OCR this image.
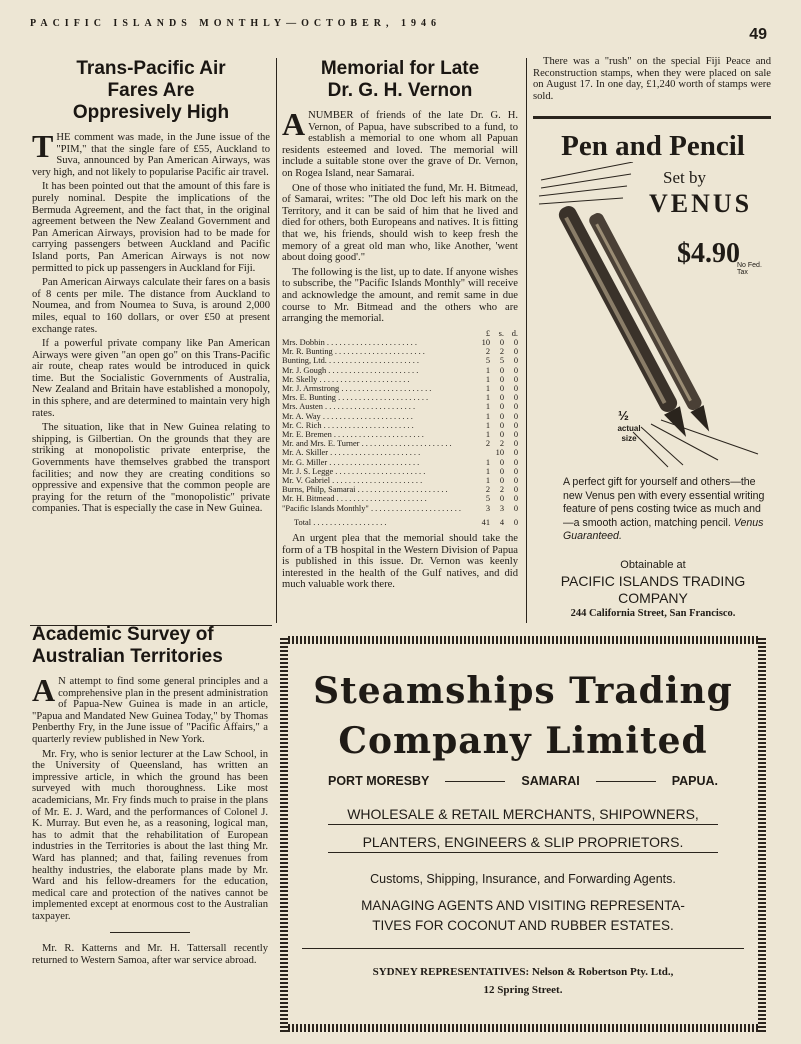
PACIFIC ISLANDS MONTHLY—OCTOBER, 1946
49
Trans-Pacific Air
Fares Are
Oppresively High

THE comment was made, in the June issue of the "PIM," that the single fare of £55, Auckland to Suva, announced by Pan American Airways, was very high, and not likely to popularise Pacific air travel.

It has been pointed out that the amount of this fare is purely nominal. Despite the implications of the Bermuda Agreement, and the fact that, in the original agreement between the New Zealand Government and Pan American Airways, provision had to be made for carrying passengers between Auckland and Pacific Island ports, Pan American Airways is not now permitted to pick up passengers in Auckland for Fiji.

Pan American Airways calculate their fares on a basis of 8 cents per mile. The distance from Auckland to Noumea, and from Noumea to Suva, is around 2,000 miles, equal to 160 dollars, or over £50 at present exchange rates.

If a powerful private company like Pan American Airways were given "an open go" on this Trans-Pacific air route, cheap rates would be introduced in quick time. But the Socialistic Governments of Australia, New Zealand and Britain have established a monopoly, in this sphere, and are determined to maintain very high rates.

The situation, like that in New Guinea relating to shipping, is Gilbertian. On the grounds that they are striking at monopolistic private enterprise, the Governments have themselves grabbed the transport facilities; and now they are creating conditions so oppressive and expensive that the common people are praying for the return of the "monopolistic" private companies. That is especially the case in New Guinea.

Memorial for Late
Dr. G. H. Vernon

ANUMBER of friends of the late Dr. G. H. Vernon, of Papua, have subscribed to a fund, to establish a memorial to one whom all Papuan residents esteemed and loved. The memorial will include a suitable stone over the grave of Dr. Vernon, on Rogea Island, near Samarai.

One of those who initiated the fund, Mr. H. Bitmead, of Samarai, writes: "The old Doc left his mark on the Territory, and it can be said of him that he lived and died for others, both Europeans and natives. It is fitting that we, his friends, should wish to keep fresh the memory of a great old man who, like Another, 'went about doing good'."

The following is the list, up to date. If anyone wishes to subscribe, the "Pacific Islands Monthly" will receive and acknowledge the amount, and remit same in due course to Mr. Bitmead and the others who are arranging the memorial.

	£	s.	d.
Mrs. Dobbin . . . . . . . . . . . . . . . . . . . . . .	10	0	0
Mr. R. Bunting . . . . . . . . . . . . . . . . . . . . . .	2	2	0
Bunting, Ltd. . . . . . . . . . . . . . . . . . . . . . .	5	5	0
Mr. J. Gough . . . . . . . . . . . . . . . . . . . . . .	1	0	0
Mr. Skelly . . . . . . . . . . . . . . . . . . . . . .	1	0	0
Mr. J. Armstrong . . . . . . . . . . . . . . . . . . . . . .	1	0	0
Mrs. E. Bunting . . . . . . . . . . . . . . . . . . . . . .	1	0	0
Mrs. Austen . . . . . . . . . . . . . . . . . . . . . .	1	0	0
Mr. A. Way . . . . . . . . . . . . . . . . . . . . . .	1	0	0
Mr. C. Rich . . . . . . . . . . . . . . . . . . . . . .	1	0	0
Mr. E. Bremen . . . . . . . . . . . . . . . . . . . . . .	1	0	0
Mr. and Mrs. E. Turner . . . . . . . . . . . . . . . . . . . . . .	2	2	0
Mr. A. Skiller . . . . . . . . . . . . . . . . . . . . . .		10	0
Mr. G. Miller . . . . . . . . . . . . . . . . . . . . . .	1	0	0
Mr. J. S. Legge . . . . . . . . . . . . . . . . . . . . . .	1	0	0
Mr. V. Gabriel . . . . . . . . . . . . . . . . . . . . . .	1	0	0
Burns, Philp, Samarai . . . . . . . . . . . . . . . . . . . . . .	2	2	0
Mr. H. Bitmead . . . . . . . . . . . . . . . . . . . . . .	5	0	0
"Pacific Islands Monthly" . . . . . . . . . . . . . . . . . . . . . .	3	3	0
Total . . . . . . . . . . . . . . . . . .	41	4	0

An urgent plea that the memorial should take the form of a TB hospital in the Western Division of Papua is published in this issue. Dr. Vernon was keenly interested in the health of the Gulf natives, and did much valuable work there.

There was a "rush" on the special Fiji Peace and Reconstruction stamps, when they were placed on sale on August 17. In one day, £1,240 worth of stamps were sold.

Pen and Pencil
Set by
VENUS
$4.90
No Fed. Tax
½
actual size
A perfect gift for yourself and others—the new Venus pen with every essential writing feature of pens costing twice as much and—a smooth action, matching pencil. Venus Guaranteed.
Obtainable at
PACIFIC ISLANDS TRADING
COMPANY
244 California Street, San Francisco.
Academic Survey of
Australian Territories

A N attempt to find some general principles and a comprehensive plan in the present administration of Papua-New Guinea is made in an article, "Papua and Mandated New Guinea Today," by Thomas Penberthy Fry, in the June issue of "Pacific Affairs," a quarterly review published in New York.

Mr. Fry, who is senior lecturer at the Law School, in the University of Queensland, has written an impressive article, in which the ground has been surveyed with much thoroughness. Like most academicians, Mr. Fry finds much to praise in the plans of Mr. E. J. Ward, and the performances of Colonel J. K. Murray. But even he, as a reasoning, logical man, has to admit that the rehabilitation of European industries in the Territories is about the last thing Mr. Ward has planned; and that, failing revenues from healthy industries, the elaborate plans made by Mr. Ward and his fellow-dreamers for the education, medical care and protection of the natives cannot be implemented except at enormous cost to the Australian taxpayer.

Mr. R. Katterns and Mr. H. Tattersall recently returned to Western Samoa, after war service abroad.

Steamships Trading
Company Limited
PORT MORESBY	SAMARAI	PAPUA.
WHOLESALE & RETAIL MERCHANTS, SHIPOWNERS,
PLANTERS, ENGINEERS & SLIP PROPRIETORS.
Customs, Shipping, Insurance, and Forwarding Agents.
MANAGING AGENTS AND VISITING REPRESENTA-
TIVES FOR COCONUT AND RUBBER ESTATES.
SYDNEY REPRESENTATIVES: Nelson & Robertson Pty. Ltd.,
12 Spring Street.
